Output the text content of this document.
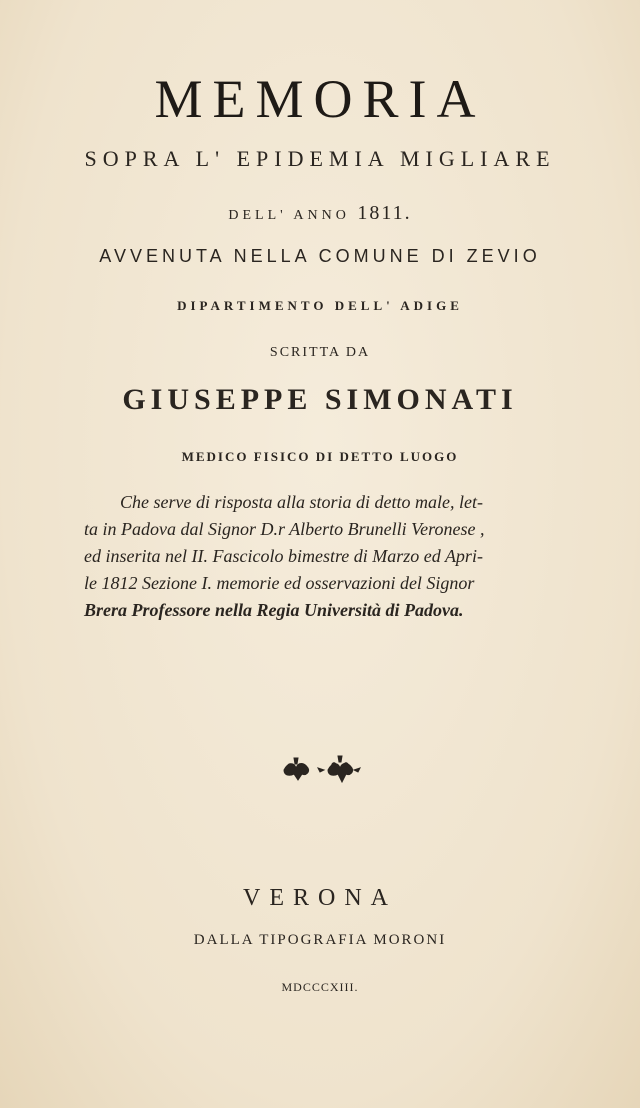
MEMORIA
SOPRA L' EPIDEMIA MIGLIARE
DELL' ANNO 1811.
AVVENUTA NELLA COMUNE DI ZEVIO
DIPARTIMENTO DELL' ADIGE
SCRITTA DA
GIUSEPPE SIMONATI
MEDICO FISICO DI DETTO LUOGO
Che serve di risposta alla storia di detto male, let-
ta in Padova dal Signor D.r Alberto Brunelli Veronese ,
ed inserita nel II. Fascicolo bimestre di Marzo ed Apri-
le 1812 Sezione I. memorie ed osservazioni del Signor
Brera Professore nella Regia Università di Padova.
VERONA
DALLA TIPOGRAFIA MORONI
MDCCCXIII.
